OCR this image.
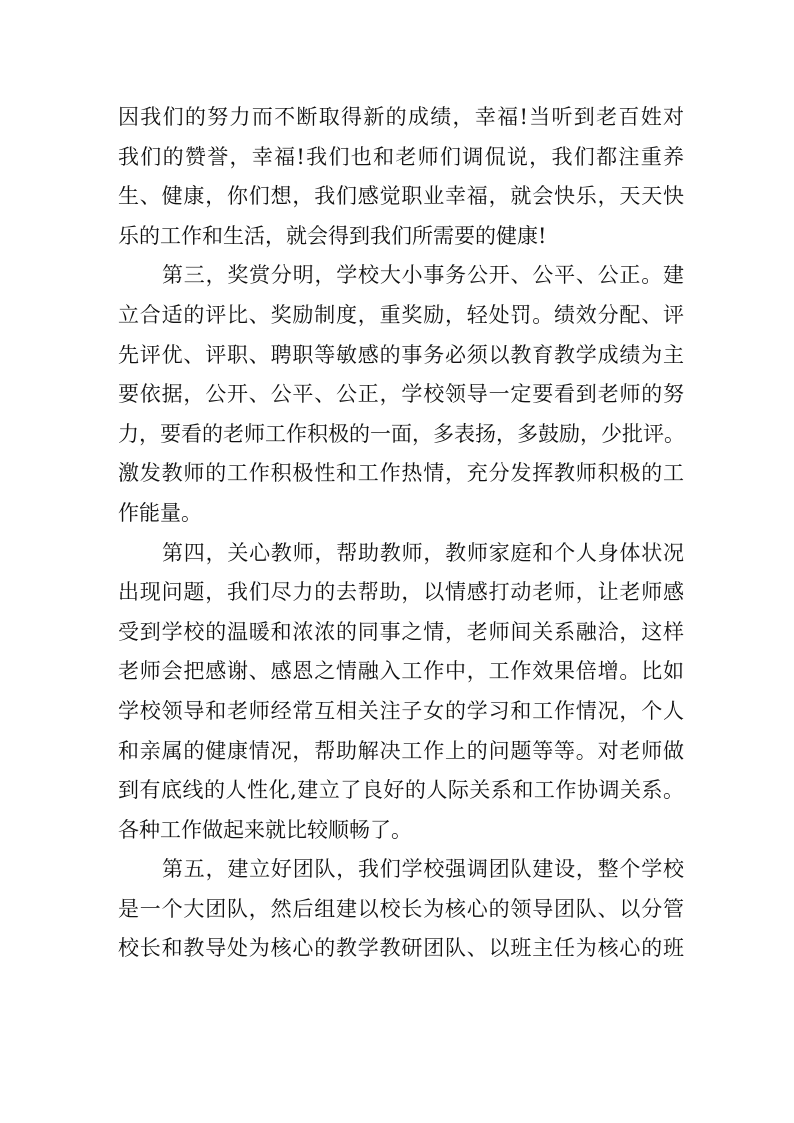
因我们的努力而不断取得新的成绩，幸福!当听到老百姓对
我们的赞誉，幸福!我们也和老师们调侃说，我们都注重养
生、健康，你们想，我们感觉职业幸福，就会快乐，天天快
乐的工作和生活，就会得到我们所需要的健康!
第三，奖赏分明，学校大小事务公开、公平、公正。建
立合适的评比、奖励制度，重奖励，轻处罚。绩效分配、评
先评优、评职、聘职等敏感的事务必须以教育教学成绩为主
要依据，公开、公平、公正，学校领导一定要看到老师的努
力，要看的老师工作积极的一面，多表扬，多鼓励，少批评。
激发教师的工作积极性和工作热情，充分发挥教师积极的工
作能量。
第四，关心教师，帮助教师，教师家庭和个人身体状况
出现问题，我们尽力的去帮助，以情感打动老师，让老师感
受到学校的温暖和浓浓的同事之情，老师间关系融洽，这样
老师会把感谢、感恩之情融入工作中，工作效果倍增。比如
学校领导和老师经常互相关注子女的学习和工作情况，个人
和亲属的健康情况，帮助解决工作上的问题等等。对老师做
到有底线的人性化,建立了良好的人际关系和工作协调关系。
各种工作做起来就比较顺畅了。
第五，建立好团队，我们学校强调团队建设，整个学校
是一个大团队，然后组建以校长为核心的领导团队、以分管
校长和教导处为核心的教学教研团队、以班主任为核心的班
